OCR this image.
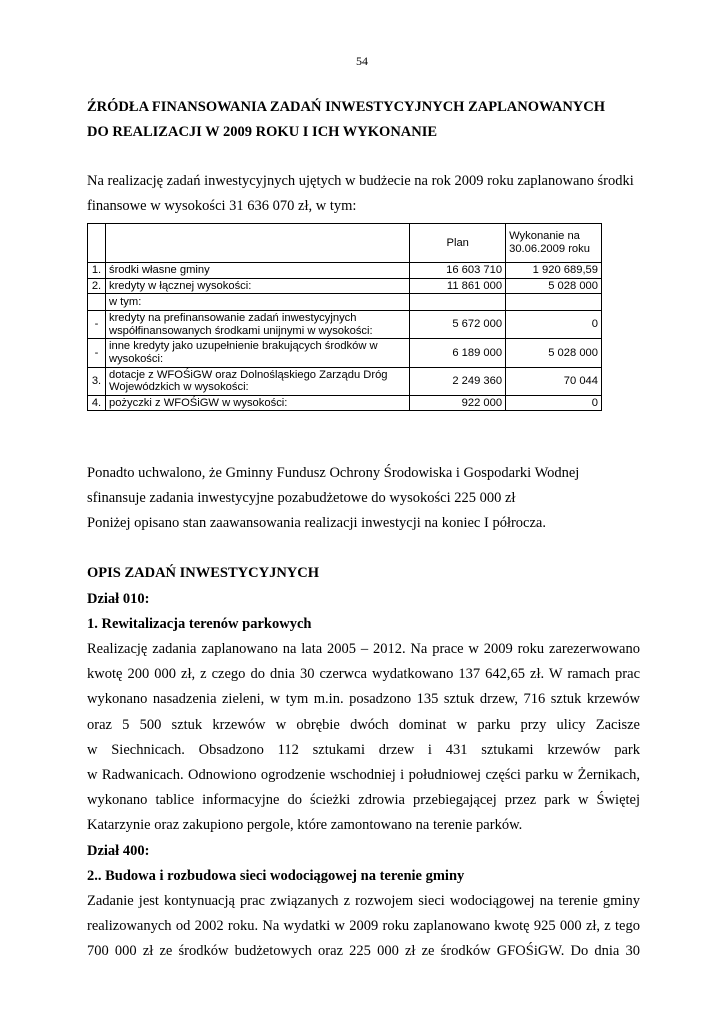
54
ŹRÓDŁA FINANSOWANIA ZADAŃ INWESTYCYJNYCH ZAPLANOWANYCH
DO REALIZACJI W 2009 ROKU I ICH WYKONANIE
Na realizację zadań inwestycyjnych ujętych w budżecie na rok 2009 roku zaplanowano środki
finansowe w wysokości 31 636 070 zł, w tym:
		Plan	Wykonanie na 30.06.2009 roku
1.	środki własne gminy	16 603 710	1 920 689,59
2.	kredyty w łącznej wysokości:	11 861 000	5 028 000
	w tym:		
-	kredyty na prefinansowanie zadań inwestycyjnych współfinansowanych środkami unijnymi w wysokości:	5 672 000	0
-	inne kredyty jako uzupełnienie brakujących środków w wysokości:	6 189 000	5 028 000
3.	dotacje z WFOŚiGW oraz Dolnośląskiego Zarządu Dróg Wojewódzkich w wysokości:	2 249 360	70 044
4.	pożyczki z WFOŚiGW w wysokości:	922 000	0
Ponadto uchwalono, że Gminny Fundusz Ochrony Środowiska i Gospodarki Wodnej
sfinansuje zadania inwestycyjne pozabudżetowe do wysokości 225 000 zł
Poniżej opisano stan zaawansowania realizacji inwestycji na koniec I półrocza.
OPIS ZADAŃ INWESTYCYJNYCH
Dział 010:
1. Rewitalizacja terenów parkowych
Realizację zadania zaplanowano na lata 2005 – 2012. Na prace w 2009 roku zarezerwowano
kwotę 200 000 zł, z czego do dnia 30 czerwca wydatkowano 137 642,65 zł. W ramach prac
wykonano nasadzenia zieleni, w tym m.in. posadzono 135 sztuk drzew, 716 sztuk krzewów
oraz 5 500 sztuk krzewów w obrębie dwóch dominat w parku przy ulicy Zacisze
w Siechnicach. Obsadzono 112 sztukami drzew i 431 sztukami krzewów park
w Radwanicach. Odnowiono ogrodzenie wschodniej i południowej części parku w Żernikach,
wykonano tablice informacyjne do ścieżki zdrowia przebiegającej przez park w Świętej
Katarzynie oraz zakupiono pergole, które zamontowano na terenie parków.
Dział 400:
2.. Budowa i rozbudowa sieci wodociągowej na terenie gminy
Zadanie jest kontynuacją prac związanych z rozwojem sieci wodociągowej na terenie gminy
realizowanych od 2002 roku. Na wydatki w 2009 roku zaplanowano kwotę 925 000 zł, z tego
700 000 zł ze środków budżetowych oraz 225 000 zł ze środków GFOŚiGW. Do dnia 30
